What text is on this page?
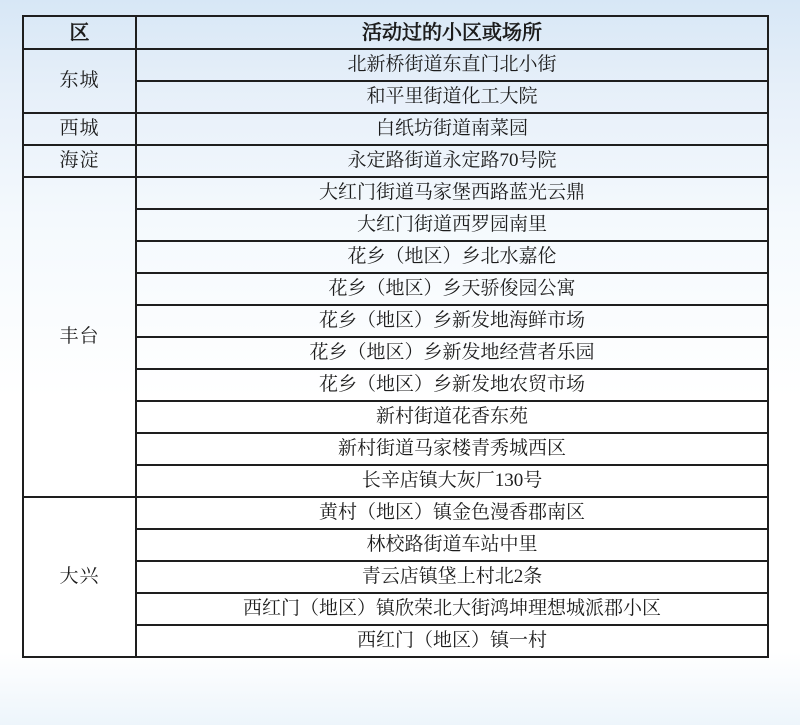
区	活动过的小区或场所
东城	北新桥街道东直门北小街
	和平里街道化工大院
西城	白纸坊街道南菜园
海淀	永定路街道永定路70号院
丰台	大红门街道马家堡西路蓝光云鼎
	大红门街道西罗园南里
	花乡（地区）乡北水嘉伦
	花乡（地区）乡天骄俊园公寓
	花乡（地区）乡新发地海鲜市场
	花乡（地区）乡新发地经营者乐园
	花乡（地区）乡新发地农贸市场
	新村街道花香东苑
	新村街道马家楼青秀城西区
	长辛店镇大灰厂130号
大兴	黄村（地区）镇金色漫香郡南区
	林校路街道车站中里
	青云店镇垡上村北2条
	西红门（地区）镇欣荣北大街鸿坤理想城派郡小区
	西红门（地区）镇一村
